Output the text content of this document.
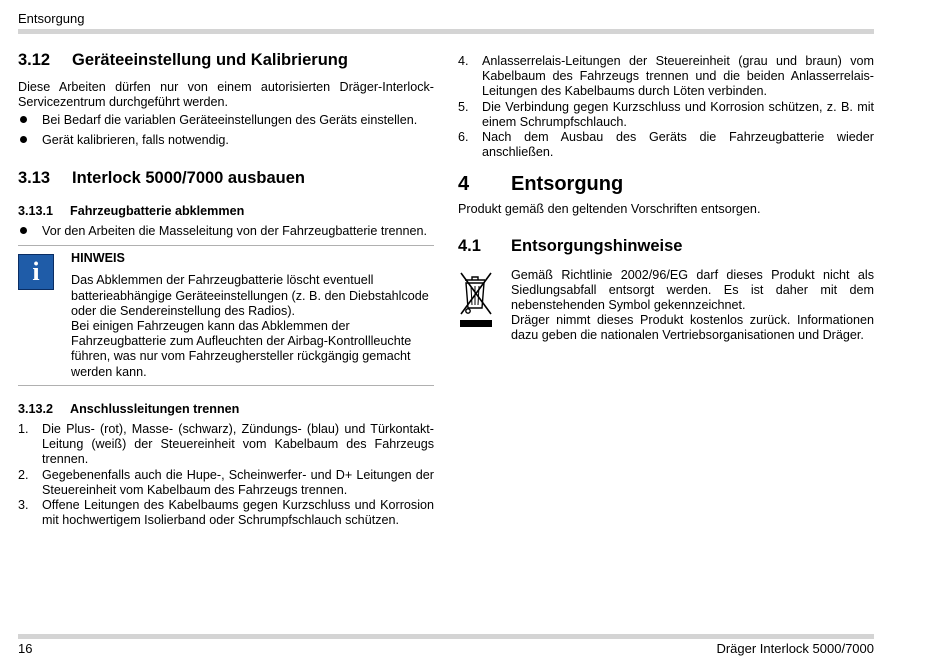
Entsorgung
3.12	Geräteeinstellung und Kalibrierung
Diese Arbeiten dürfen nur von einem autorisierten Dräger-Interlock-Servicezentrum durchgeführt werden.
Bei Bedarf die variablen Geräteeinstellungen des Geräts einstellen.
Gerät kalibrieren, falls notwendig.
3.13	Interlock 5000/7000 ausbauen
3.13.1	Fahrzeugbatterie abklemmen
Vor den Arbeiten die Masseleitung von der Fahrzeugbatterie trennen.
i HINWEIS
Das Abklemmen der Fahrzeugbatterie löscht eventuell batterieabhängige Geräteeinstellungen (z. B. den Diebstahlcode oder die Sendereinstellung des Radios).
Bei einigen Fahrzeugen kann das Abklemmen der Fahrzeugbatterie zum Aufleuchten der Airbag-Kontrollleuchte führen, was nur vom Fahrzeughersteller rückgängig gemacht werden kann.
3.13.2	Anschlussleitungen trennen
1.	Die Plus- (rot), Masse- (schwarz), Zündungs- (blau) und Türkontakt-Leitung (weiß) der Steuereinheit vom Kabelbaum des Fahrzeugs trennen.
2.	Gegebenenfalls auch die Hupe-, Scheinwerfer- und D+ Leitungen der Steuereinheit vom Kabelbaum des Fahrzeugs trennen.
3.	Offene Leitungen des Kabelbaums gegen Kurzschluss und Korrosion mit hochwertigem Isolierband oder Schrumpfschlauch schützen.
4.	Anlasserrelais-Leitungen der Steuereinheit (grau und braun) vom Kabelbaum des Fahrzeugs trennen und die beiden Anlasserrelais-Leitungen des Kabelbaums durch Löten verbinden.
5.	Die Verbindung gegen Kurzschluss und Korrosion schützen, z. B. mit einem Schrumpfschlauch.
6.	Nach dem Ausbau des Geräts die Fahrzeugbatterie wieder anschließen.
4	Entsorgung
Produkt gemäß den geltenden Vorschriften entsorgen.
4.1	Entsorgungshinweise
Gemäß Richtlinie 2002/96/EG darf dieses Produkt nicht als Siedlungsabfall entsorgt werden. Es ist daher mit dem nebenstehenden Symbol gekennzeichnet.
Dräger nimmt dieses Produkt kostenlos zurück. Informationen dazu geben die nationalen Vertriebsorganisationen und Dräger.
16	Dräger Interlock 5000/7000
